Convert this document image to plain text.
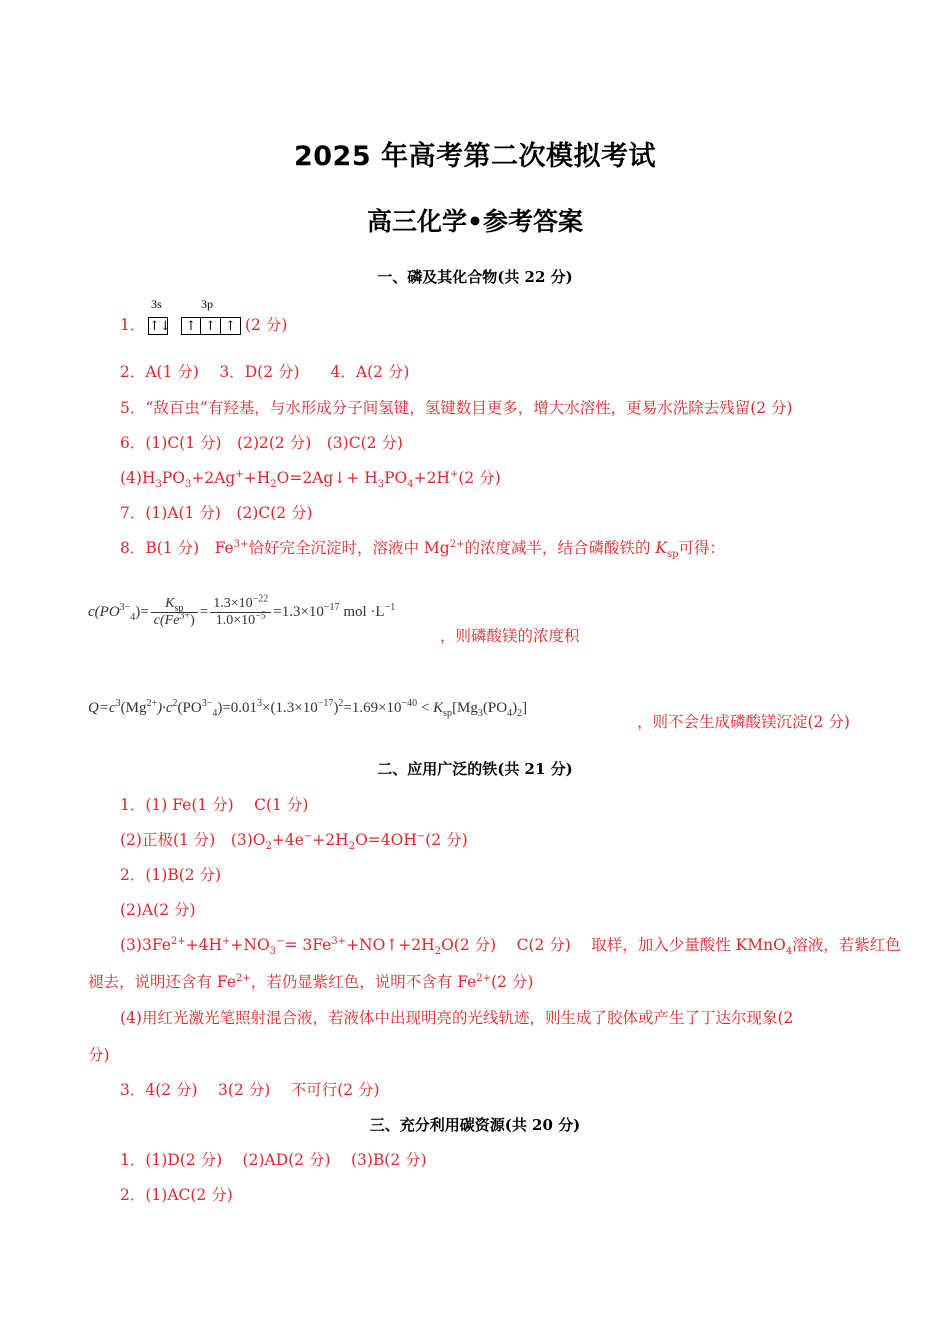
2025 年高考第二次模拟考试
高三化学•参考答案
一、磷及其化合物(共 22 分)
1．
3s	3p
↑↓	↑ ↑ ↑ (2 分)
2．A(1 分)　 3．D(2 分)　　4．A(2 分)
5．“敌百虫”有羟基，与水形成分子间氢键，氢键数目更多，增大水溶性，更易水洗除去残留(2 分)
6．(1)C(1 分)　(2)2(2 分)　(3)C(2 分)
$(4)H_3PO_3+2Ag^++H_2O=2Ag↓+ H_3PO_4+2H^+(2$ 分)
7．(1)A(1 分)　(2)C(2 分)
8．B(1 分)　$Fe^{3+}$恰好完全沉淀时，溶液中 $Mg^{2+}$的浓度减半，结合磷酸铁的 $K_{sp}$可得：
$c(PO^{3-}_4)= \frac{K_{sp}}{c(Fe^{3+})} = \frac{1.3\times 10^{-22}}{1.0\times 10^{-5}} =1.3\times 10^{-17}$ mol $\cdot L^{-1}$
，则磷酸镁的浓度积
$Q=c^3(Mg^{2+})\cdot c^2(PO^{3-}_4)=0.01^3\times(1.3\times 10^{-17})^2=1.69\times 10^{-40} < K_{sp}[Mg_3(PO_4)_2]$
，则不会生成磷酸镁沉淀(2 分)
二、应用广泛的铁(共 21 分)
1．(1) Fe(1 分)　 C(1 分)
(2)正极(1 分)　$(3)O_2+4e^-+2H_2O=4OH^-(2$ 分)
2．(1)B(2 分)
(2)A(2 分)
$(3)3Fe^{2+}+4H^++NO_3^-=$ $3Fe^{3+}+NO↑+2H_2O(2$ 分)　 C(2 分)　 取样，加入少量酸性 KMnO$_4$溶液，若紫红色
褪去，说明还含有 $Fe^{2+}$，若仍显紫红色，说明不含有 $Fe^{2+}(2$ 分)
(4)用红光激光笔照射混合液，若液体中出现明亮的光线轨迹，则生成了胶体或产生了丁达尔现象(2
分)
3．4(2 分)　 3(2 分)　 不可行(2 分)
三、充分利用碳资源(共 20 分)
1．(1)D(2 分)　 (2)AD(2 分)　 (3)B(2 分)
2．(1)AC(2 分)
